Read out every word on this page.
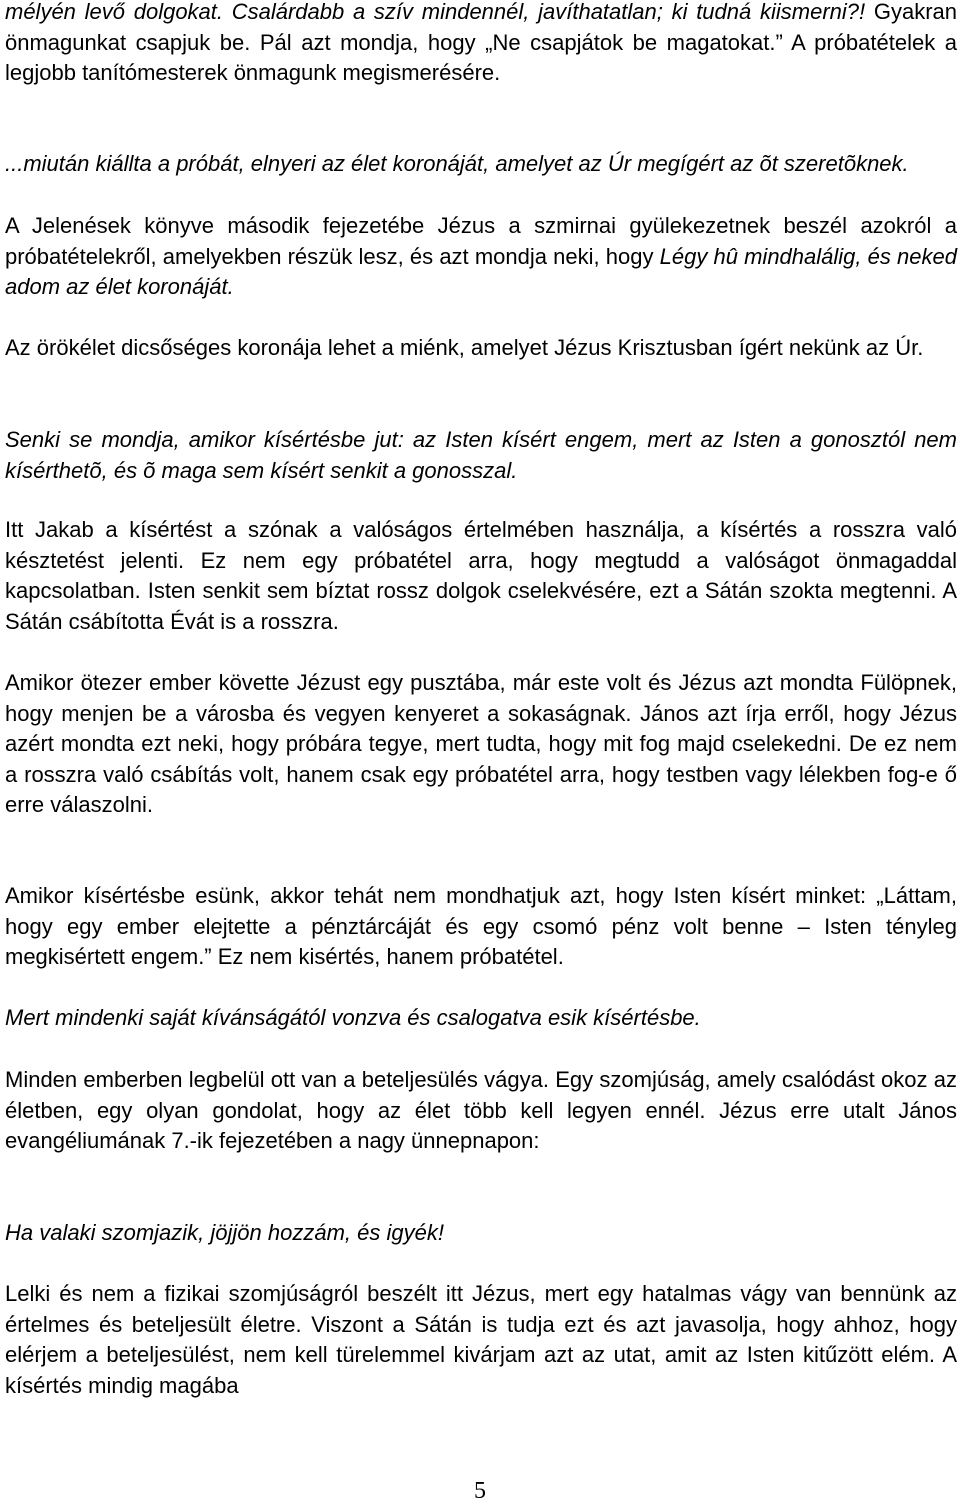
mélyén levő dolgokat. Csalárdabb a szív mindennél, javíthatatlan; ki tudná kiismerni?! Gyakran önmagunkat csapjuk be. Pál azt mondja, hogy „Ne csapjátok be magatokat.” A próbatételek a legjobb tanítómesterek önmagunk megismerésére.

...miután kiállta a próbát, elnyeri az élet koronáját, amelyet az Úr megígért az õt szeretõknek.

A Jelenések könyve második fejezetébe Jézus a szmirnai gyülekezetnek beszél azokról a próbatételekről, amelyekben részük lesz, és azt mondja neki, hogy Légy hû mindhalálig, és neked adom az élet koronáját.

Az örökélet dicsőséges koronája lehet a miénk, amelyet Jézus Krisztusban ígért nekünk az Úr.

Senki se mondja, amikor kísértésbe jut: az Isten kísért engem, mert az Isten a gonosztól nem kísérthetõ, és õ maga sem kísért senkit a gonosszal.

Itt Jakab a kísértést a szónak a valóságos értelmében használja, a kísértés a rosszra való késztetést jelenti. Ez nem egy próbatétel arra, hogy megtudd a valóságot önmagaddal kapcsolatban. Isten senkit sem bíztat rossz dolgok cselekvésére, ezt a Sátán szokta megtenni. A Sátán csábította Évát is a rosszra.

Amikor ötezer ember követte Jézust egy pusztába, már este volt és Jézus azt mondta Fülöpnek, hogy menjen be a városba és vegyen kenyeret a sokaságnak. János azt írja erről, hogy Jézus azért mondta ezt neki, hogy próbára tegye, mert tudta, hogy mit fog majd cselekedni. De ez nem a rosszra való csábítás volt, hanem csak egy próbatétel arra, hogy testben vagy lélekben fog-e ő erre válaszolni.

Amikor kísértésbe esünk, akkor tehát nem mondhatjuk azt, hogy Isten kísért minket: „Láttam, hogy egy ember elejtette a pénztárcáját és egy csomó pénz volt benne – Isten tényleg megkisértett engem.” Ez nem kisértés, hanem próbatétel.

Mert mindenki saját kívánságától vonzva és csalogatva esik kísértésbe.

Minden emberben legbelül ott van a beteljesülés vágya. Egy szomjúság, amely csalódást okoz az életben, egy olyan gondolat, hogy az élet több kell legyen ennél. Jézus erre utalt János evangéliumának 7.-ik fejezetében a nagy ünnepnapon:

Ha valaki szomjazik, jöjjön hozzám, és igyék!

Lelki és nem a fizikai szomjúságról beszélt itt Jézus, mert egy hatalmas vágy van bennünk az értelmes és beteljesült életre. Viszont a Sátán is tudja ezt és azt javasolja, hogy ahhoz, hogy elérjem a beteljesülést, nem kell türelemmel kivárjam azt az utat, amit az Isten kitűzött elém. A kísértés mindig magába

5
